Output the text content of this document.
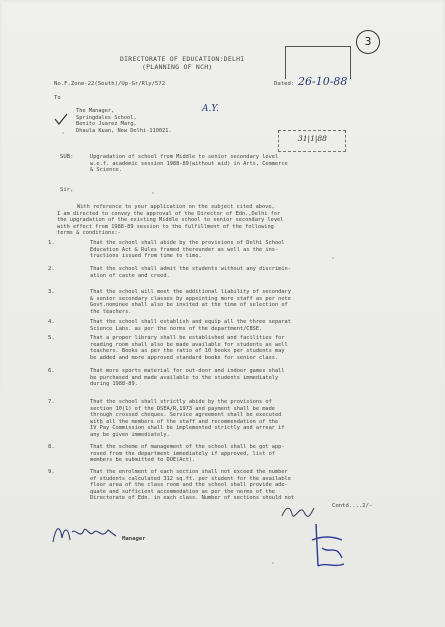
3
DIRECTORATE OF EDUCATION:DELHI
(PLANNING OF NCH)
No.F.Zone-22(South)/Up-Gr/Rly/572	Dated: 26-10-88
To
The Manager,
Springdales School,
Benito Juarez Marg,
Dhaula Kuan, New Delhi-110021.
A.Y.
31|1|88
SUB:	Upgradation of school from Middle to senior secondary level
w.e.f. academic session 1988-89(without aid) in Arts, Commerce
& Science.
Sir,
With reference to your application on the subject cited above,
I am directed to convey the approval of the Director of Edn.,Delhi for
the upgradation of the existing Middle school to senior secondary level
with effect from 1988-89 session to the fulfillment of the following
terms & conditions:-
1.	That the school shall abide by the provisions of Delhi School
Education Act & Rules framed thereunder as well as the ins-
tructions issued from time to time.
2.	That the school shall admit the students without any discrimin-
ation of caste and creed.
3.	That the school will meet the additional liability of secondary
& senior secondary classes by appointing more staff as per note
Govt.nominee shall also be invited at the time of selection of
the teachers.
4.	That the school shall establish and equip all the three separat
Science Labs. as per the norms of the department/CBSE.
5.	That a proper library shall be established and facilities for
reading room shall also be made available for students as well
teachers. Books as per the ratio of 10 books per students may
be added and more approved standard books for senior class.
6.	That more sports material for out-door and indoor games shall
be purchased and made available to the students immediately
during 1988-89.
7.	That the school shall strictly abide by the provisions of
section 10(1) of the DSEA/R,1973 and payment shall be made
through crossed cheques. Service agreement shall be executed
with all the members of the staff and recommendation of the
IV Pay Commission shall be implemented strictly and arrear if
any be given immediately.
8.	That the scheme of management of the school shall be got app-
roved from the department immediately if approved, list of
members be submitted to DOE(Act).
9.	That the enrolment of each section shall not exceed the number
of students calculated 312 sq.ft. per student for the available
floor area of the class room and the school shall provide ade-
quate and sufficient accommodation as per the norms of the
Directorate of Edn. in each class. Number of sections should not
Contd....2/-
Manager
